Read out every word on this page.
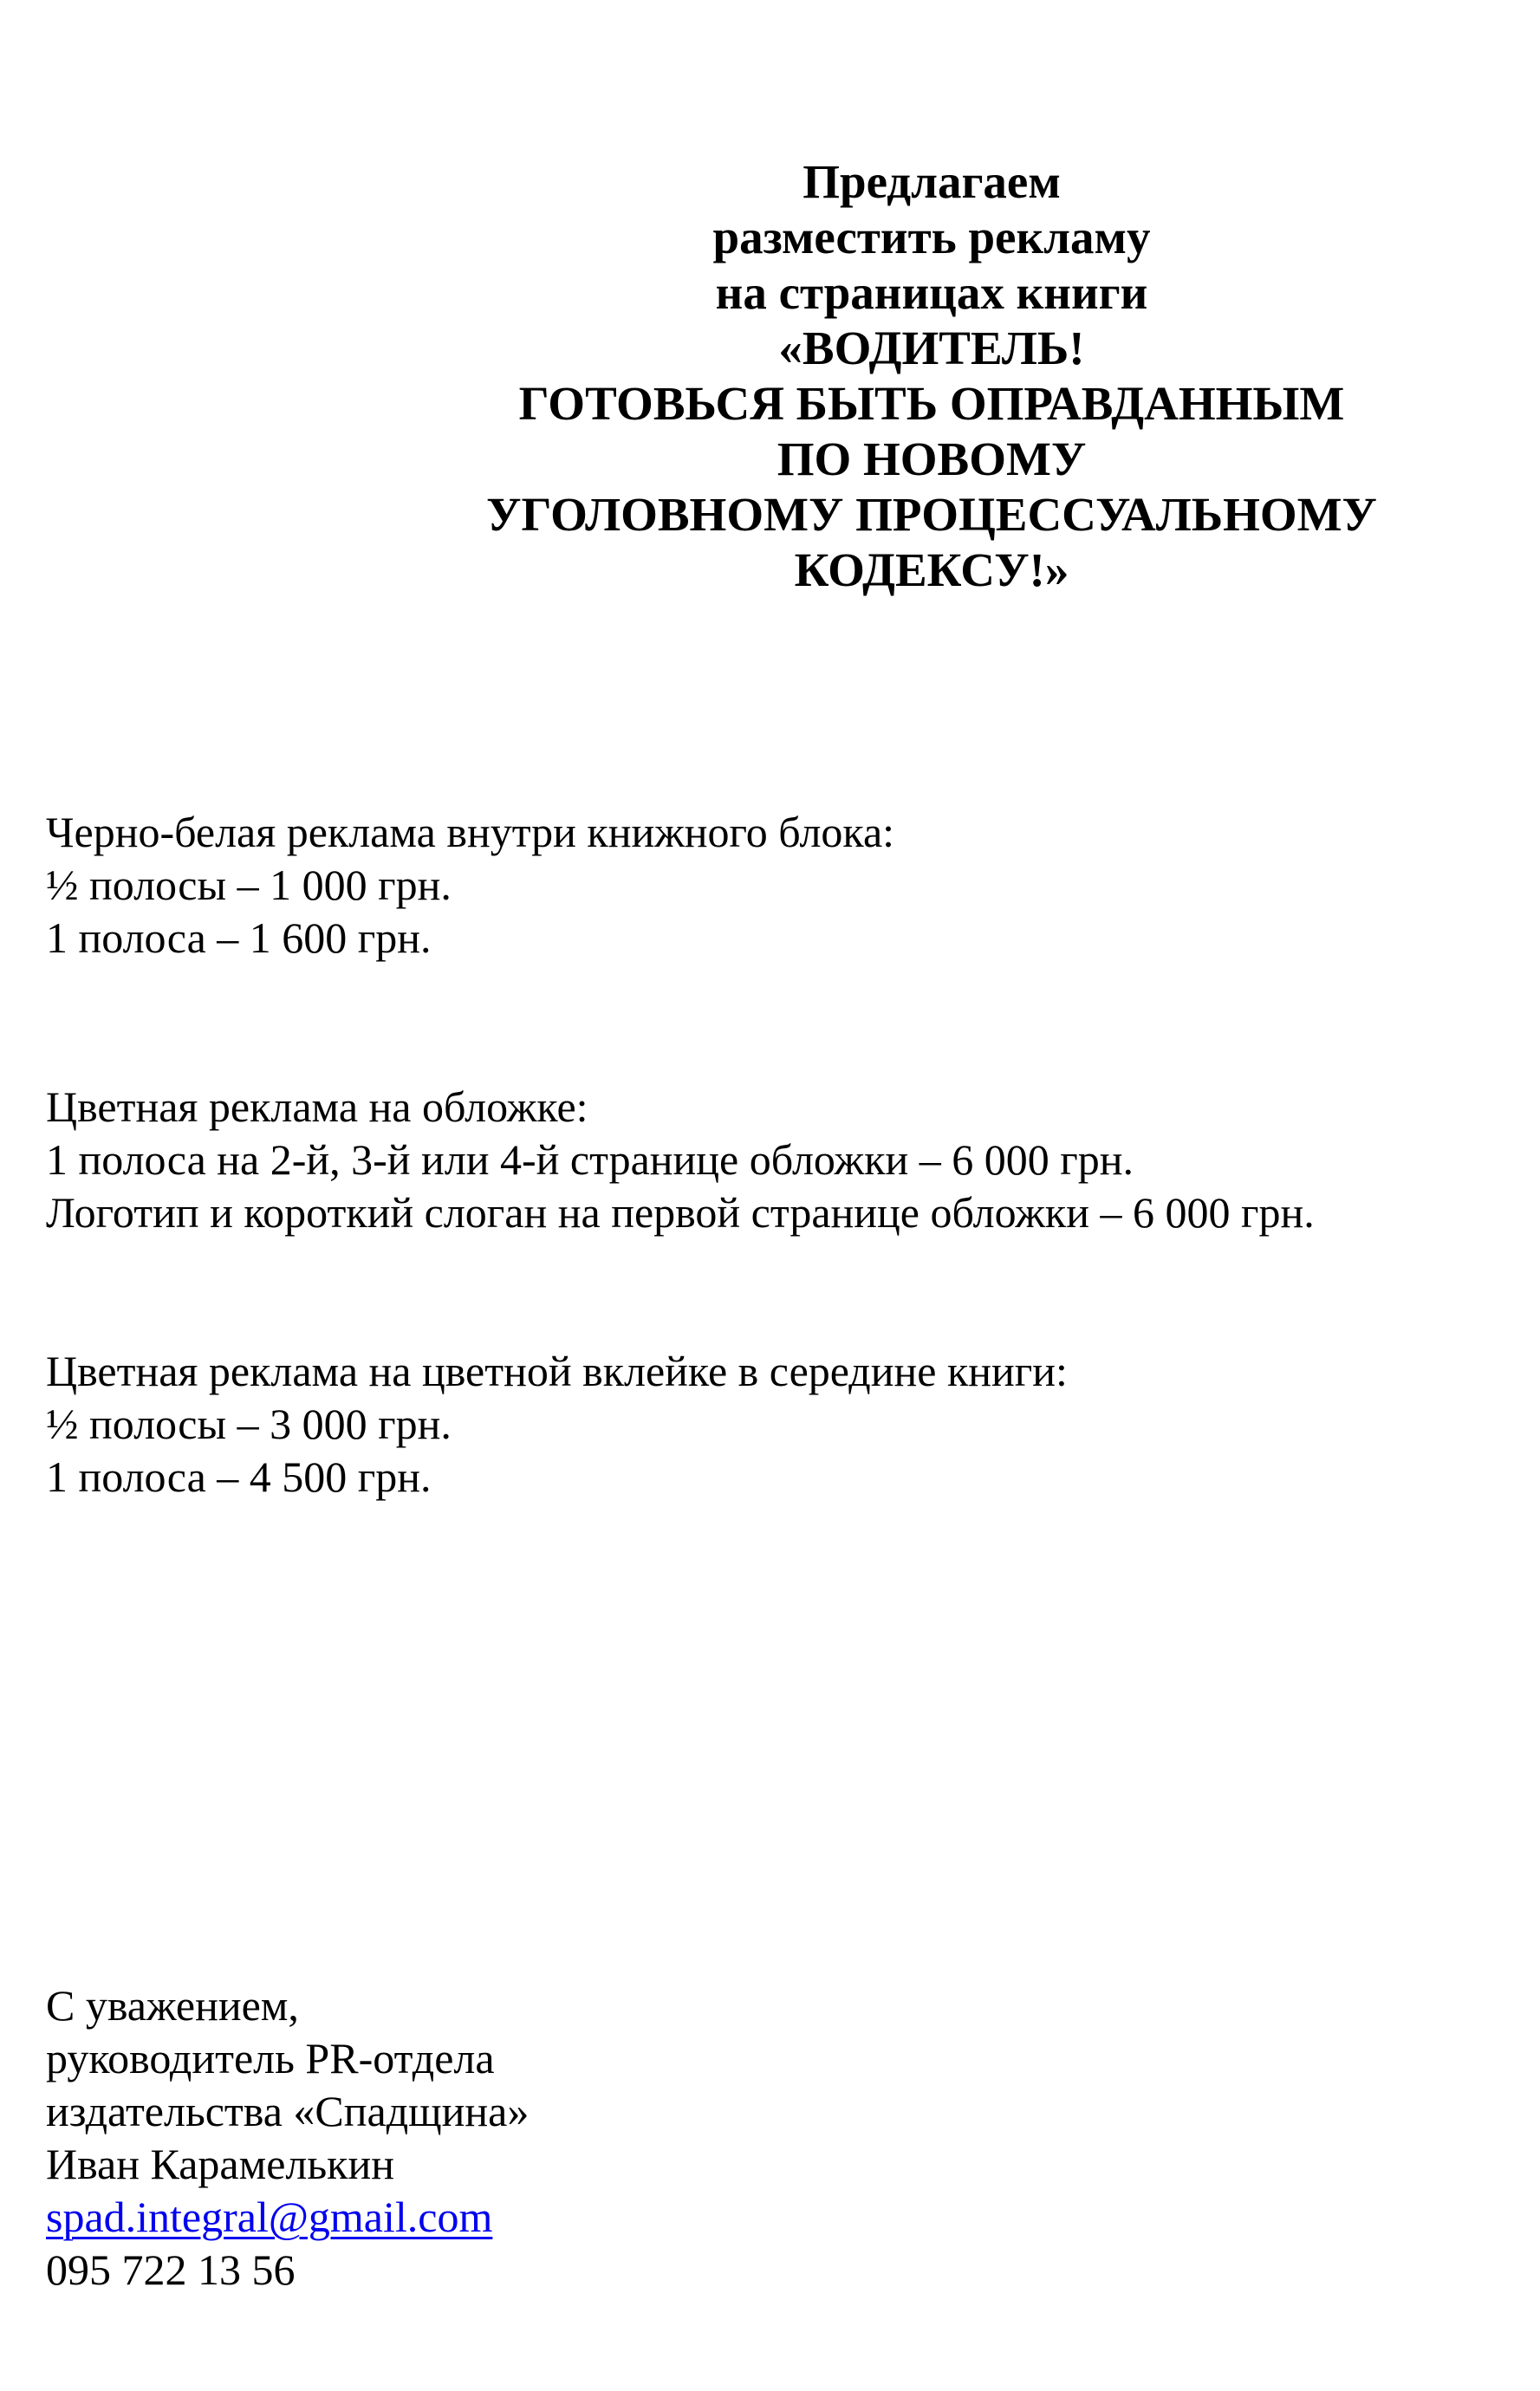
Предлагаем
разместить рекламу
на страницах книги
«ВОДИТЕЛЬ!
ГОТОВЬСЯ БЫТЬ ОПРАВДАННЫМ
ПО НОВОМУ
УГОЛОВНОМУ ПРОЦЕССУАЛЬНОМУ
КОДЕКСУ!»
Черно-белая реклама внутри книжного блока:
½ полосы – 1 000 грн.
1 полоса – 1 600 грн.
Цветная реклама на обложке:
1 полоса на 2-й, 3-й или 4-й странице обложки – 6 000 грн.
Логотип и короткий слоган на первой странице обложки – 6 000 грн.
Цветная реклама на цветной вклейке в середине книги:
½ полосы – 3 000 грн.
1 полоса – 4 500 грн.
С уважением,
руководитель PR-отдела
издательства «Спадщина»
Иван Карамелькин
spad.integral@gmail.com
095 722 13 56
